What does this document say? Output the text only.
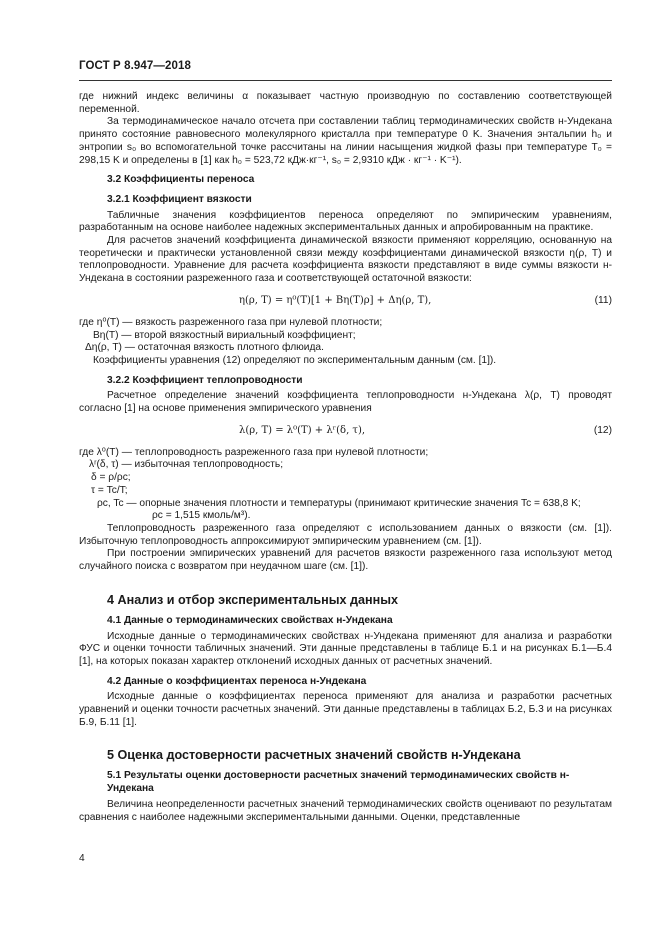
ГОСТ Р 8.947—2018

где нижний индекс величины α показывает частную производную по составлению соответствующей переменной.

За термодинамическое начало отсчета при составлении таблиц термодинамических свойств н-Ундекана принято состояние равновесного молекулярного кристалла при температуре 0 K. Значения энтальпии h₀ и энтропии s₀ во вспомогательной точке рассчитаны на линии насыщения жидкой фазы при температуре T₀ = 298,15 K и определены в [1] как h₀ = 523,72 кДж·кг⁻¹, s₀ = 2,9310 кДж · кг⁻¹ · K⁻¹).

3.2 Коэффициенты переноса

3.2.1 Коэффициент вязкости

Табличные значения коэффициентов переноса определяют по эмпирическим уравнениям, разработанным на основе наиболее надежных экспериментальных данных и апробированным на практике.

Для расчетов значений коэффициента динамической вязкости применяют корреляцию, основанную на теоретически и практически установленной связи между коэффициентами динамической вязкости η(ρ, T) и теплопроводности. Уравнение для расчета коэффициента вязкости представляют в виде суммы вязкости н-Ундекана в состоянии разреженного газа и соответствующей остаточной вязкости:

η(ρ, T) = η⁰(T)[1 + Bη(T)ρ] + Δη(ρ, T),	(11)

где η⁰(T) — вязкость разреженного газа при нулевой плотности;

Bη(T) — второй вязкостный вириальный коэффициент;

Δη(ρ, T) — остаточная вязкость плотного флюида.

Коэффициенты уравнения (12) определяют по экспериментальным данным (см. [1]).

3.2.2 Коэффициент теплопроводности

Расчетное определение значений коэффициента теплопроводности н-Ундекана λ(ρ, T) проводят согласно [1] на основе применения эмпирического уравнения

λ(ρ, T) = λ⁰(T) + λʳ(δ, τ),	(12)

где λ⁰(T) — теплопроводность разреженного газа при нулевой плотности;

λʳ(δ, τ) — избыточная теплопроводность;

δ = ρ/ρc;

τ = Tc/T;

ρc, Tc — опорные значения плотности и температуры (принимают критические значения Tc = 638,8 K;

ρc = 1,515 кмоль/м³).

Теплопроводность разреженного газа определяют с использованием данных о вязкости (см. [1]). Избыточную теплопроводность аппроксимируют эмпирическим уравнением (см. [1]).

При построении эмпирических уравнений для расчетов вязкости разреженного газа используют метод случайного поиска с возвратом при неудачном шаге (см. [1]).

4 Анализ и отбор экспериментальных данных

4.1 Данные о термодинамических свойствах н-Ундекана

Исходные данные о термодинамических свойствах н-Ундекана применяют для анализа и разработки ФУС и оценки точности табличных значений. Эти данные представлены в таблице Б.1 и на рисунках Б.1—Б.4 [1], на которых показан характер отклонений исходных данных от расчетных значений.

4.2 Данные о коэффициентах переноса н-Ундекана

Исходные данные о коэффициентах переноса применяют для анализа и разработки расчетных уравнений и оценки точности расчетных значений. Эти данные представлены в таблицах Б.2, Б.3 и на рисунках Б.9, Б.11 [1].

5 Оценка достоверности расчетных значений свойств н-Ундекана

5.1 Результаты оценки достоверности расчетных значений термодинамических свойств н-Ундекана

Величина неопределенности расчетных значений термодинамических свойств оценивают по результатам сравнения с наиболее надежными экспериментальными данными. Оценки, представленные

4
